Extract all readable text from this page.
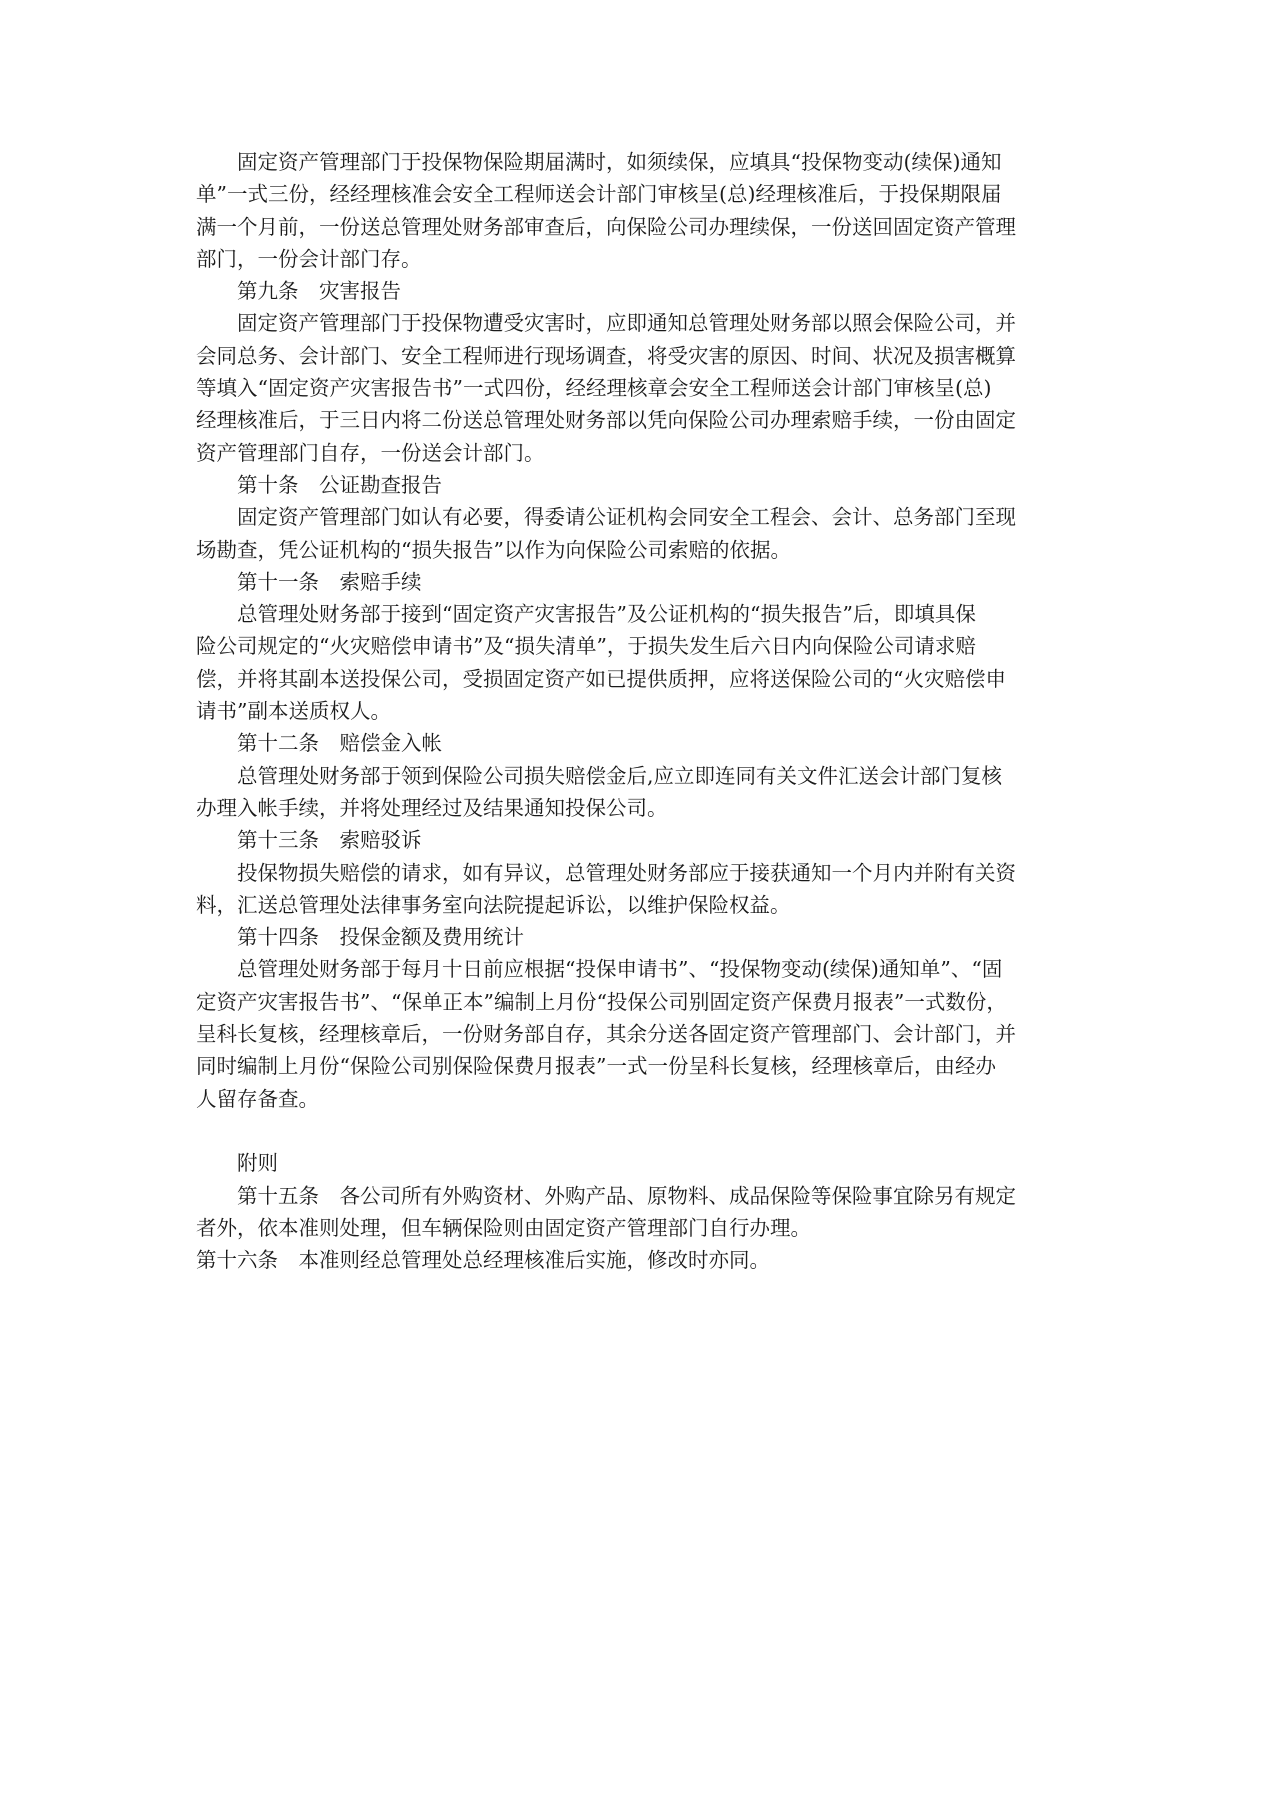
固定资产管理部门于投保物保险期届满时，如须续保，应填具“投保物变动(续保)通知
单”一式三份，经经理核准会安全工程师送会计部门审核呈(总)经理核准后，于投保期限届
满一个月前，一份送总管理处财务部审查后，向保险公司办理续保，一份送回固定资产管理
部门，一份会计部门存。
第九条　灾害报告
固定资产管理部门于投保物遭受灾害时，应即通知总管理处财务部以照会保险公司，并
会同总务、会计部门、安全工程师进行现场调查，将受灾害的原因、时间、状况及损害概算
等填入“固定资产灾害报告书”一式四份，经经理核章会安全工程师送会计部门审核呈(总)
经理核准后，于三日内将二份送总管理处财务部以凭向保险公司办理索赔手续，一份由固定
资产管理部门自存，一份送会计部门。
第十条　公证勘查报告
固定资产管理部门如认有必要，得委请公证机构会同安全工程会、会计、总务部门至现
场勘查，凭公证机构的“损失报告”以作为向保险公司索赔的依据。
第十一条　索赔手续
总管理处财务部于接到“固定资产灾害报告”及公证机构的“损失报告”后，即填具保
险公司规定的“火灾赔偿申请书”及“损失清单”，于损失发生后六日内向保险公司请求赔
偿，并将其副本送投保公司，受损固定资产如已提供质押，应将送保险公司的“火灾赔偿申
请书”副本送质权人。
第十二条　赔偿金入帐
总管理处财务部于领到保险公司损失赔偿金后,应立即连同有关文件汇送会计部门复核
办理入帐手续，并将处理经过及结果通知投保公司。
第十三条　索赔驳诉
投保物损失赔偿的请求，如有异议，总管理处财务部应于接获通知一个月内并附有关资
料，汇送总管理处法律事务室向法院提起诉讼，以维护保险权益。
第十四条　投保金额及费用统计
总管理处财务部于每月十日前应根据“投保申请书”、“投保物变动(续保)通知单”、“固
定资产灾害报告书”、“保单正本”编制上月份“投保公司别固定资产保费月报表”一式数份，
呈科长复核，经理核章后，一份财务部自存，其余分送各固定资产管理部门、会计部门，并
同时编制上月份“保险公司别保险保费月报表”一式一份呈科长复核，经理核章后，由经办
人留存备查。
附则
第十五条　各公司所有外购资材、外购产品、原物料、成品保险等保险事宜除另有规定
者外，依本准则处理，但车辆保险则由固定资产管理部门自行办理。
第十六条　本准则经总管理处总经理核准后实施，修改时亦同。
